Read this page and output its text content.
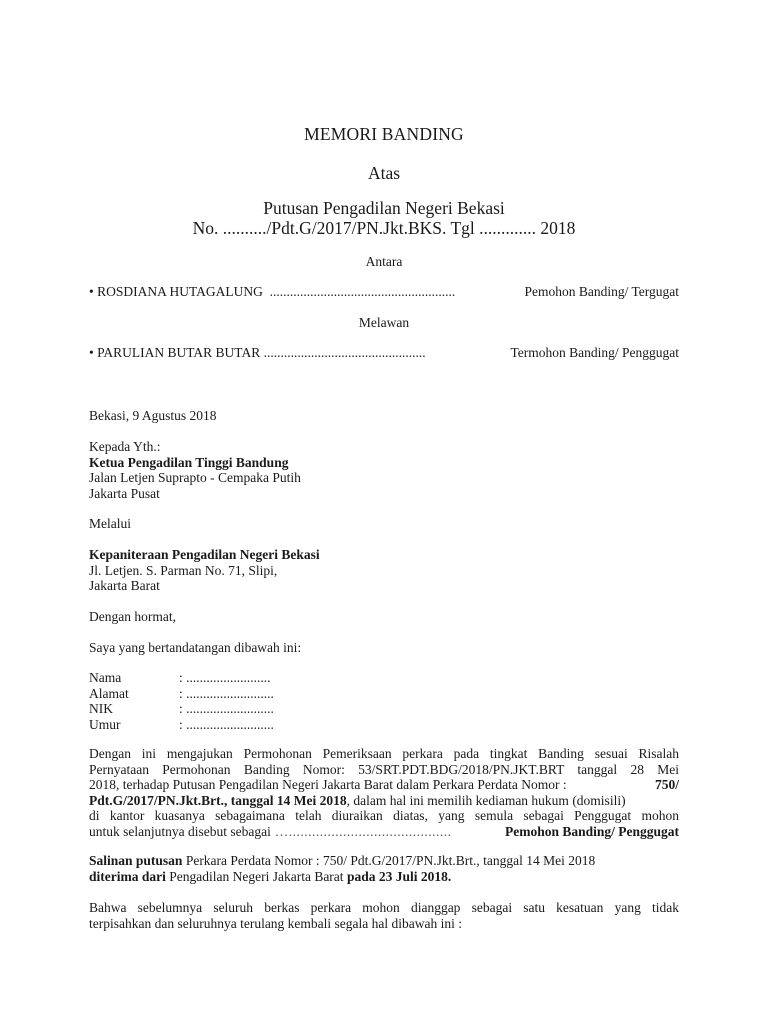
MEMORI BANDING
Atas
Putusan Pengadilan Negeri Bekasi
No. ........../Pdt.G/2017/PN.Jkt.BKS. Tgl ............. 2018
Antara
• ROSDIANA HUTAGALUNG  .......................................................	Pemohon Banding/ Tergugat
Melawan
• PARULIAN BUTAR BUTAR ................................................	Termohon Banding/ Penggugat
Bekasi, 9 Agustus 2018
Kepada Yth.:
Ketua Pengadilan Tinggi Bandung
Jalan Letjen Suprapto - Cempaka Putih
Jakarta Pusat
Melalui
Kepaniteraan Pengadilan Negeri Bekasi
Jl. Letjen. S. Parman No. 71, Slipi,
Jakarta Barat
Dengan hormat,
Saya yang bertandatangan dibawah ini:
Nama	: .........................
Alamat	: ..........................
NIK	: ..........................
Umur	: ..........................
Dengan ini mengajukan Permohonan Pemeriksaan perkara pada tingkat Banding sesuai Risalah
Pernyataan Permohonan Banding Nomor: 53/SRT.PDT.BDG/2018/PN.JKT.BRT tanggal 28 Mei
2018, terhadap Putusan Pengadilan Negeri Jakarta Barat dalam Perkara Perdata Nomor :	750/
Pdt.G/2017/PN.Jkt.Brt., tanggal 14 Mei 2018, dalam hal ini memilih kediaman hukum (domisili)
di kantor kuasanya sebagaimana telah diuraikan diatas, yang semula sebagai Penggugat mohon
untuk selanjutnya disebut sebagai …..........................................	Pemohon Banding/ Penggugat
Salinan putusan Perkara Perdata Nomor : 750/ Pdt.G/2017/PN.Jkt.Brt., tanggal 14 Mei 2018
diterima dari Pengadilan Negeri Jakarta Barat pada 23 Juli 2018.
Bahwa sebelumnya seluruh berkas perkara mohon dianggap sebagai satu kesatuan yang tidak
terpisahkan dan seluruhnya terulang kembali segala hal dibawah ini :
